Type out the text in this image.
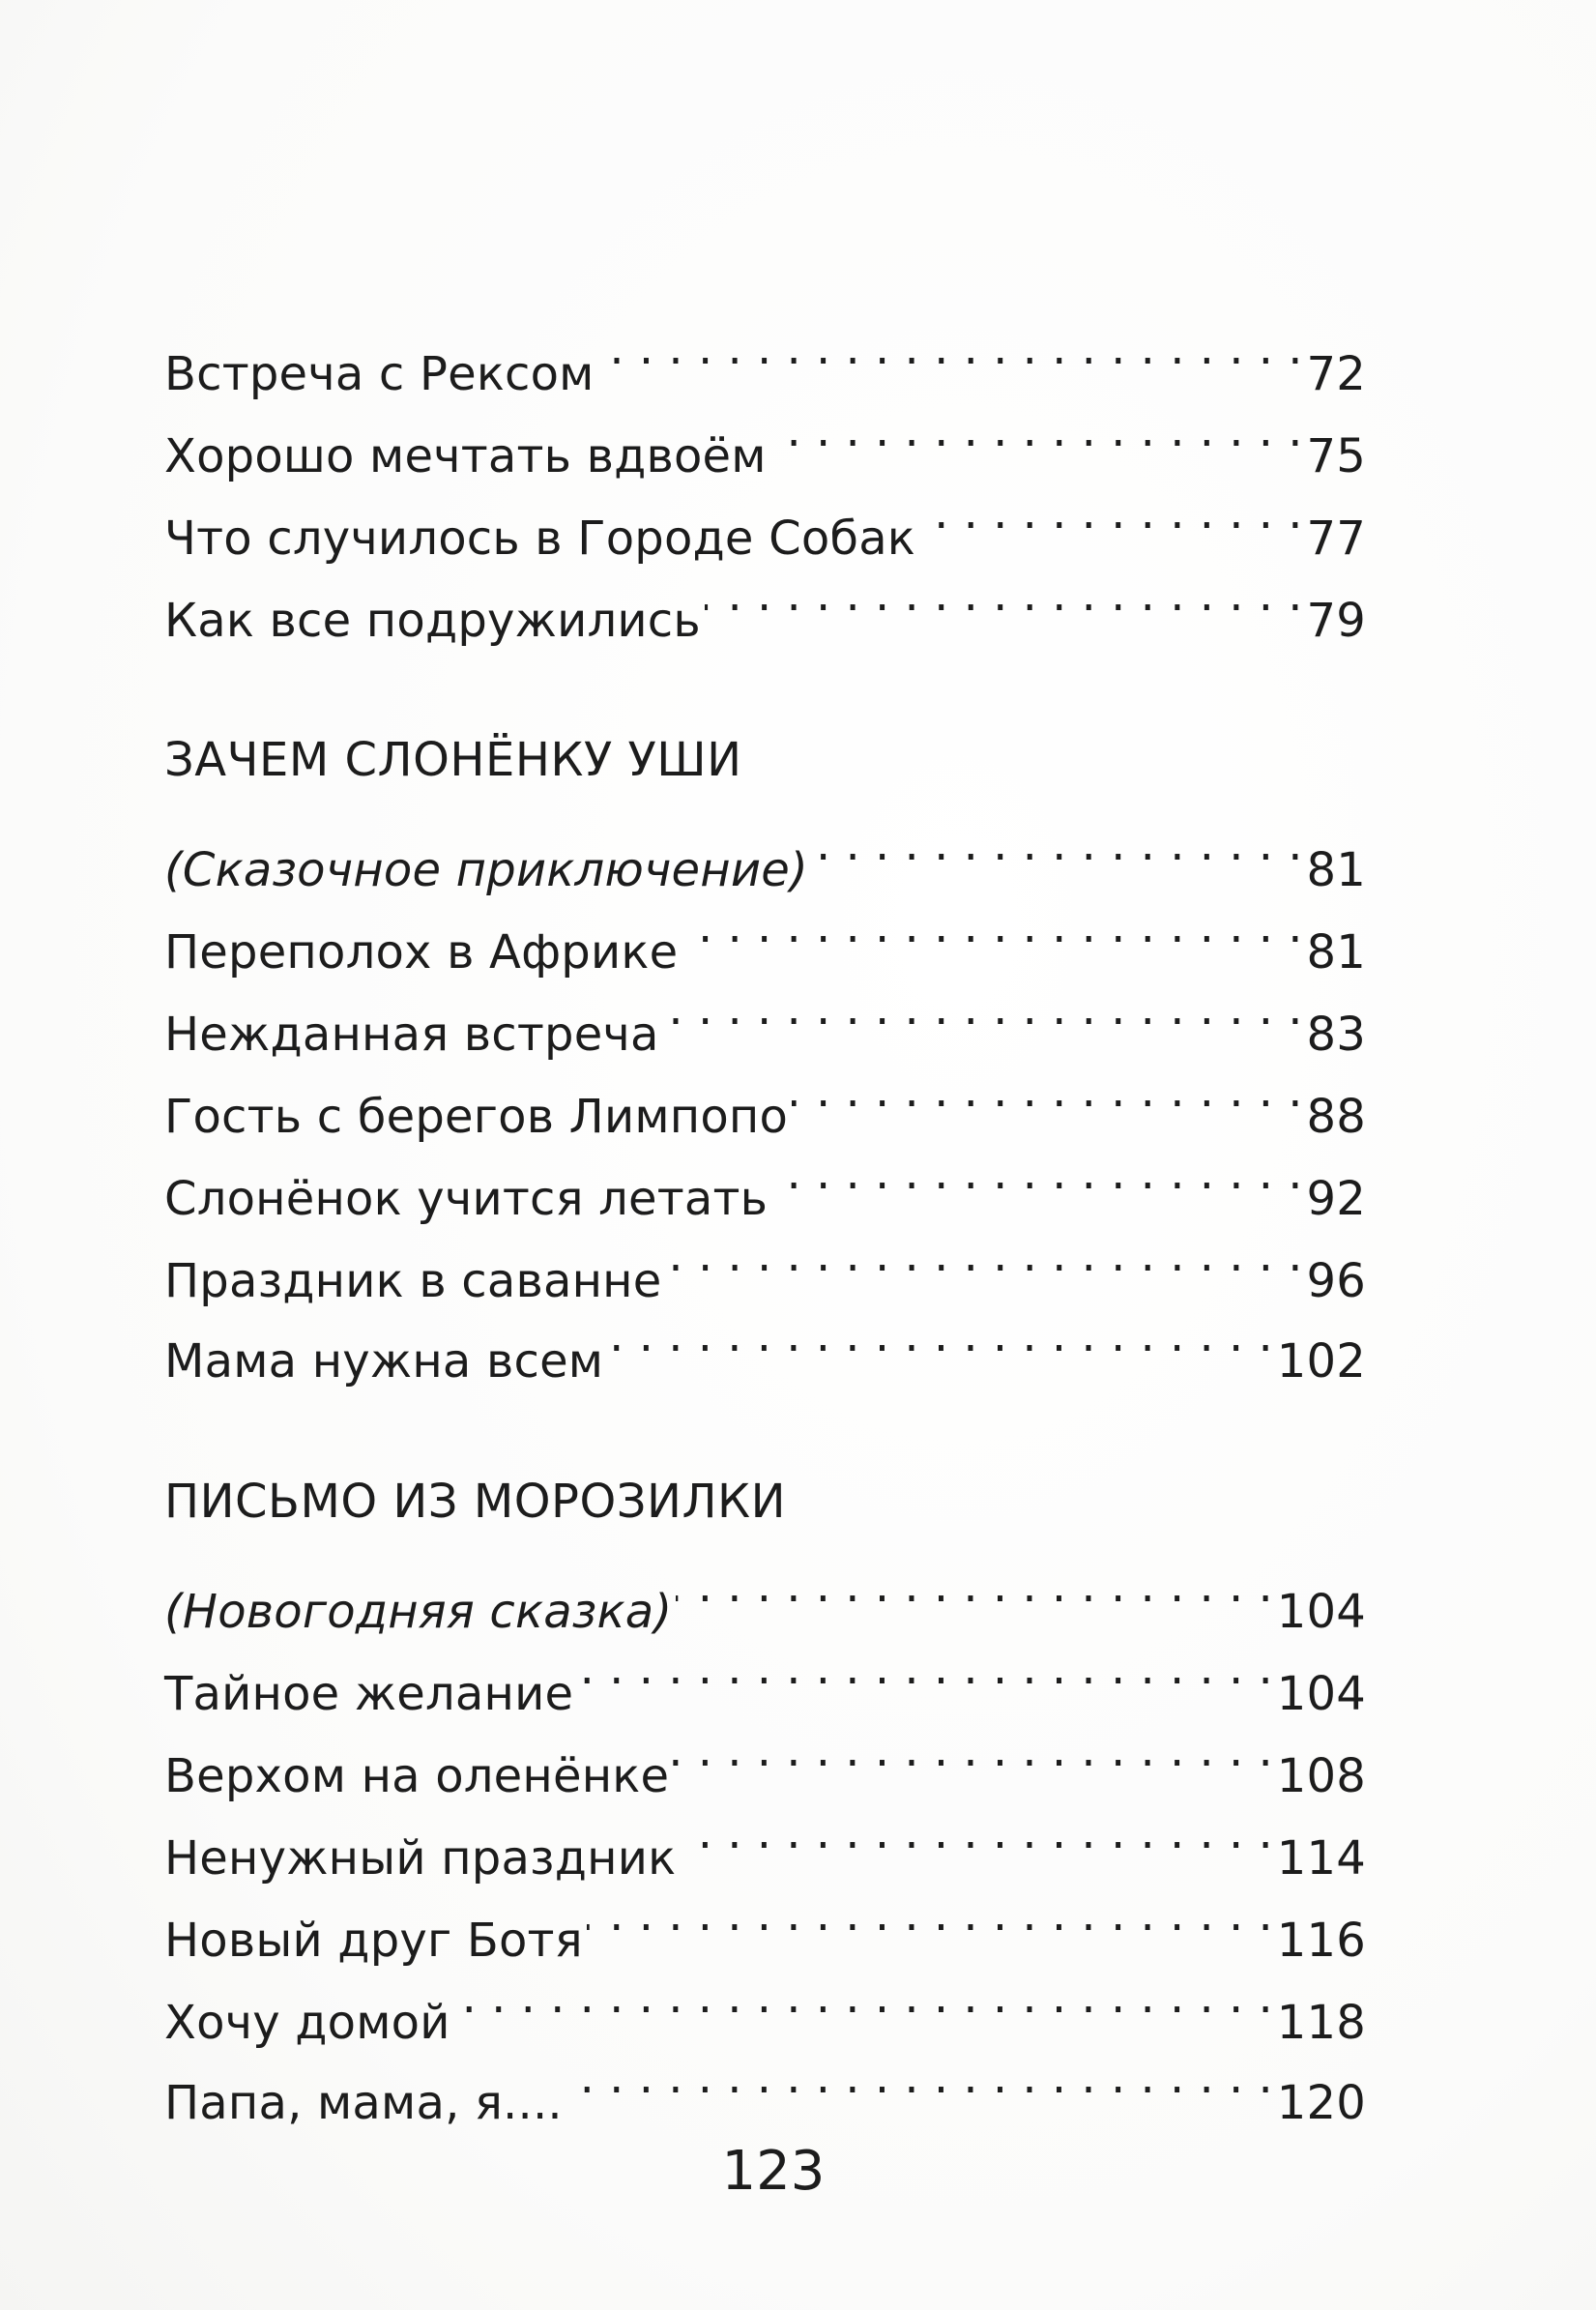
Встреча с Рексом . . .	72
Хорошо мечтать вдвоём . . .	75
Что случилось в Городе Собак . . .	77
Как все подружились . . .	79
ЗАЧЕМ СЛОНЁНКУ УШИ
(Сказочное приключение) . . .	81
Переполох в Африке . . .	81
Нежданная встреча . . .	83
Гость с берегов Лимпопо . . .	88
Слонёнок учится летать . . .	92
Праздник в саванне . . .	96
Мама нужна всем . . .	102
ПИСЬМО ИЗ МОРОЗИЛКИ
(Новогодняя сказка) . . .	104
Тайное желание . . .	104
Верхом на оленёнке . . .	108
Ненужный праздник . . .	114
Новый друг Ботя . . .	116
Хочу домой . . .	118
Папа, мама, я.... . . .	120
123
